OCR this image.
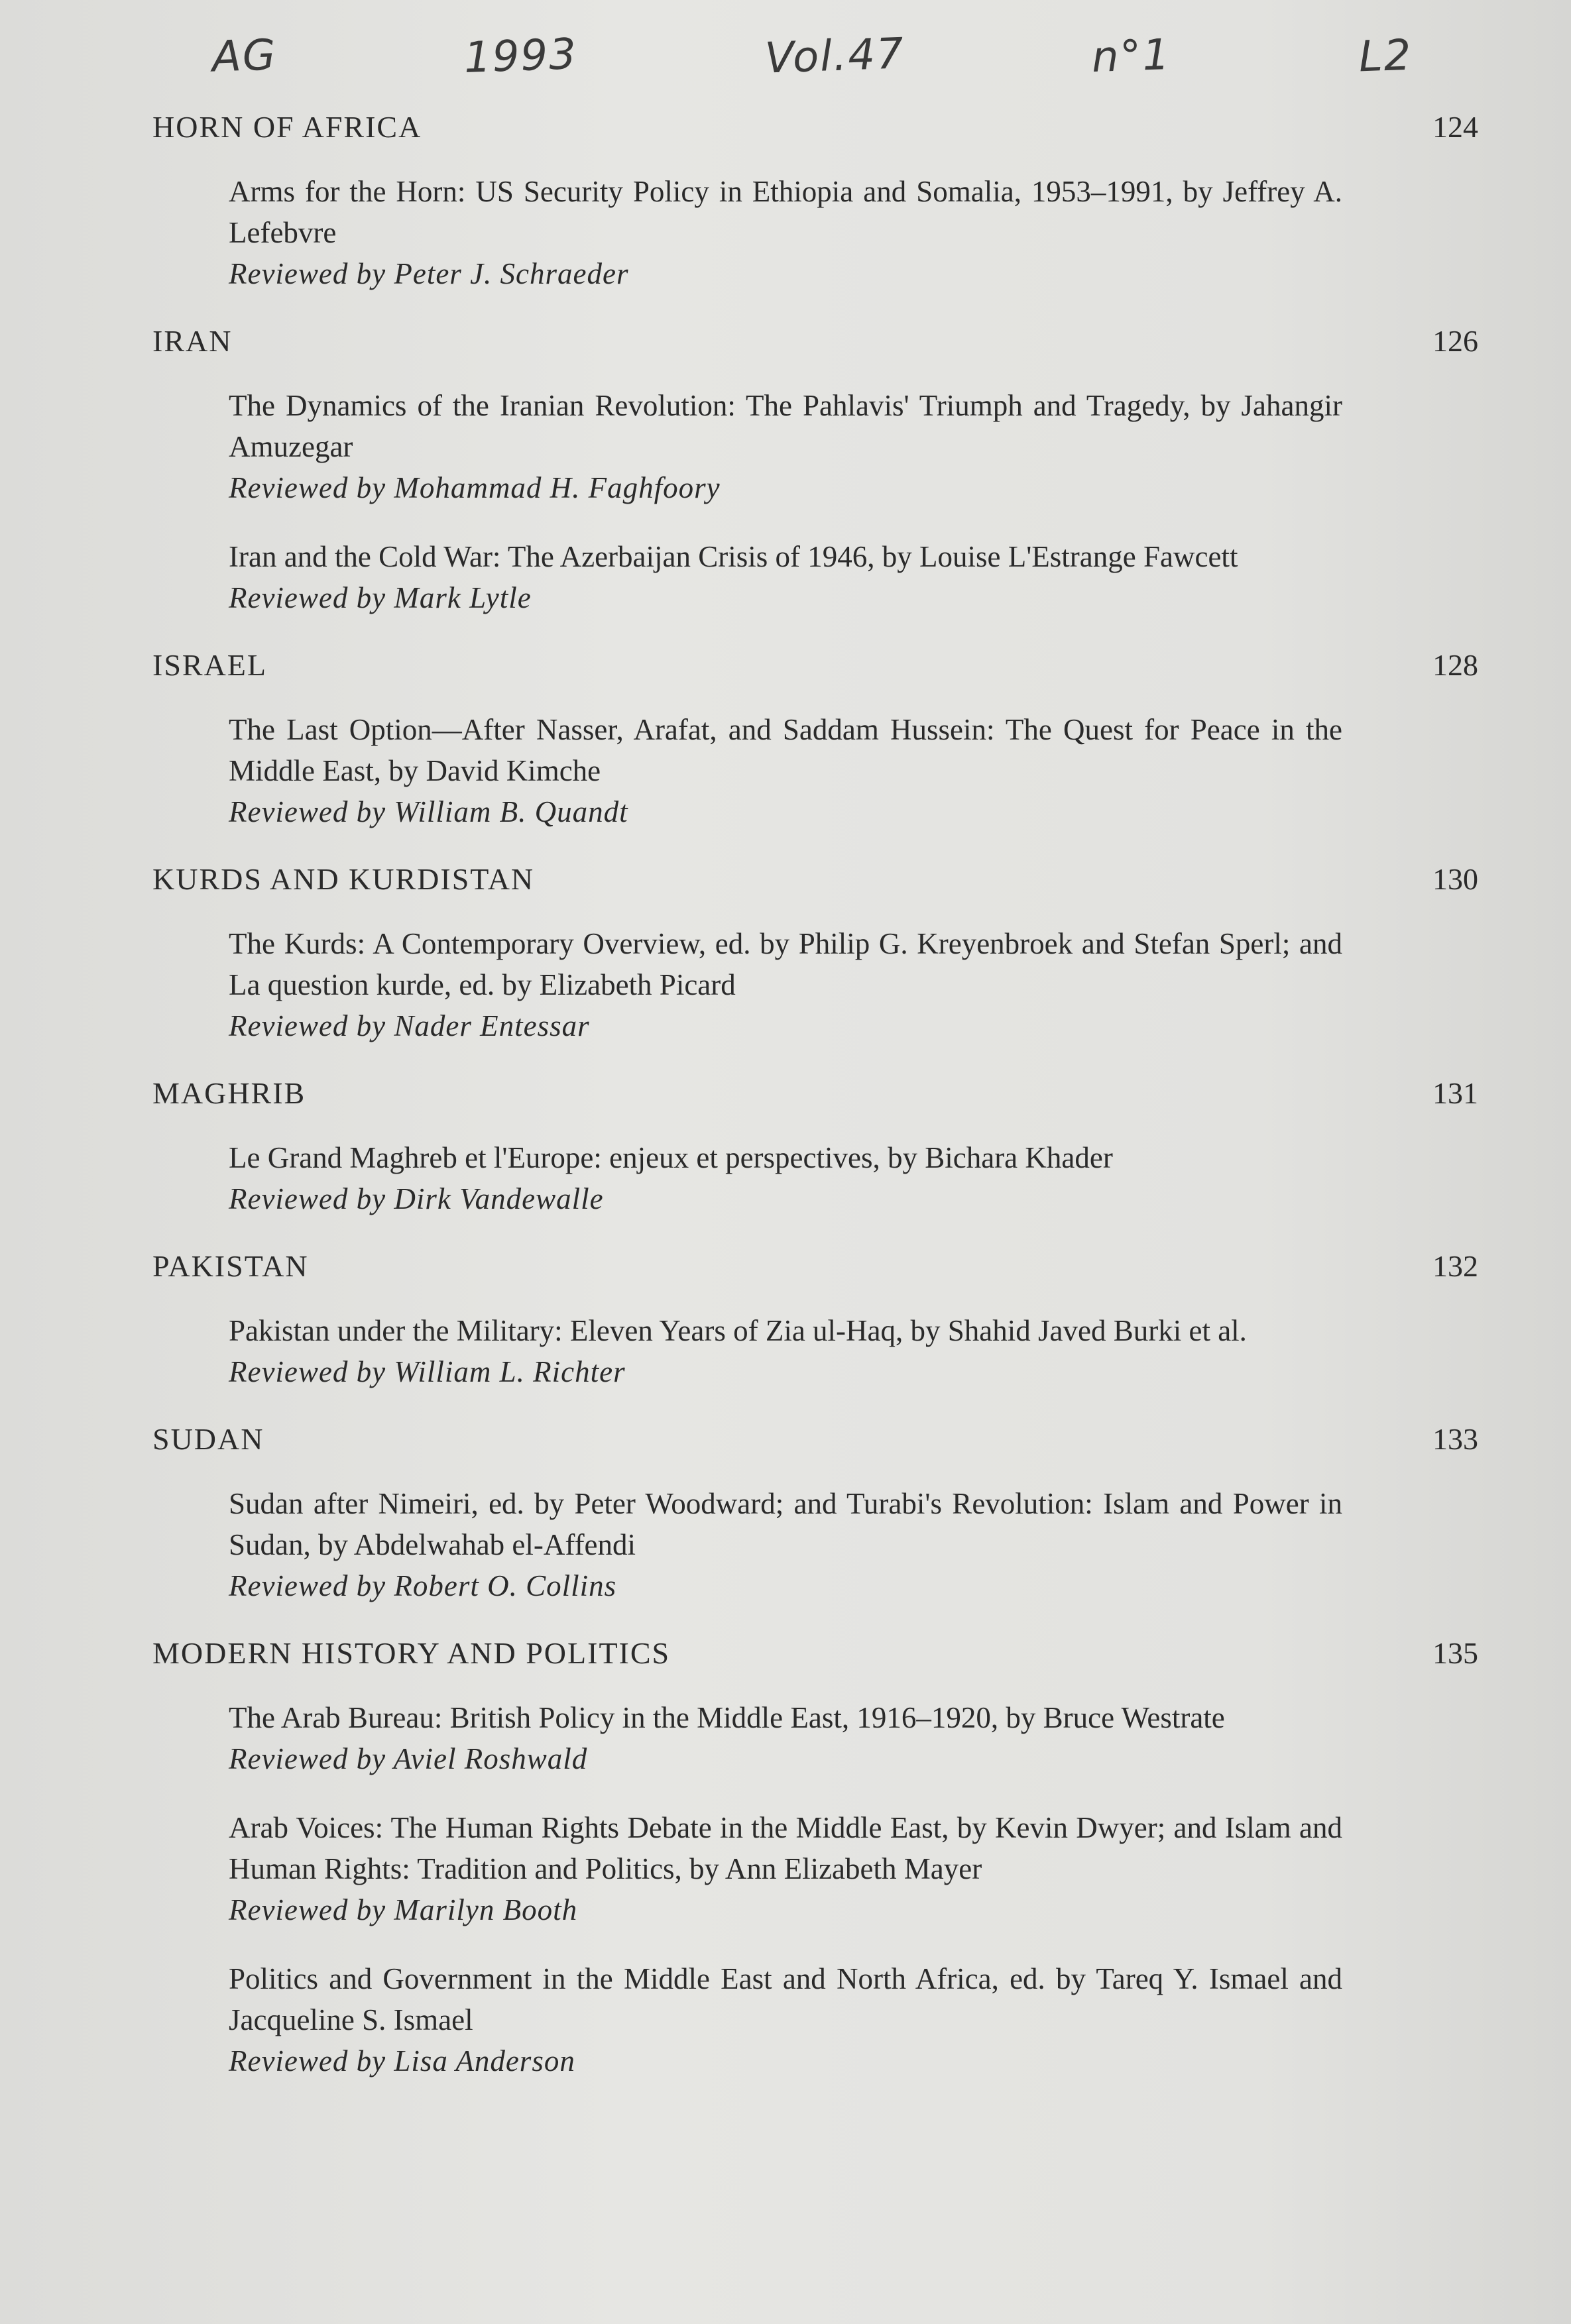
AG	1993	Vol.47	n°1	L2
HORN OF AFRICA	124
Arms for the Horn: US Security Policy in Ethiopia and Somalia, 1953–1991, by Jeffrey A. Lefebvre
Reviewed by Peter J. Schraeder
IRAN	126
The Dynamics of the Iranian Revolution: The Pahlavis' Triumph and Tragedy, by Jahangir Amuzegar
Reviewed by Mohammad H. Faghfoory
Iran and the Cold War: The Azerbaijan Crisis of 1946, by Louise L'Estrange Fawcett
Reviewed by Mark Lytle
ISRAEL	128
The Last Option—After Nasser, Arafat, and Saddam Hussein: The Quest for Peace in the Middle East, by David Kimche
Reviewed by William B. Quandt
KURDS AND KURDISTAN	130
The Kurds: A Contemporary Overview, ed. by Philip G. Kreyenbroek and Stefan Sperl; and La question kurde, ed. by Elizabeth Picard
Reviewed by Nader Entessar
MAGHRIB	131
Le Grand Maghreb et l'Europe: enjeux et perspectives, by Bichara Khader
Reviewed by Dirk Vandewalle
PAKISTAN	132
Pakistan under the Military: Eleven Years of Zia ul-Haq, by Shahid Javed Burki et al.
Reviewed by William L. Richter
SUDAN	133
Sudan after Nimeiri, ed. by Peter Woodward; and Turabi's Revolution: Islam and Power in Sudan, by Abdelwahab el-Affendi
Reviewed by Robert O. Collins
MODERN HISTORY AND POLITICS	135
The Arab Bureau: British Policy in the Middle East, 1916–1920, by Bruce Westrate
Reviewed by Aviel Roshwald
Arab Voices: The Human Rights Debate in the Middle East, by Kevin Dwyer; and Islam and Human Rights: Tradition and Politics, by Ann Elizabeth Mayer
Reviewed by Marilyn Booth
Politics and Government in the Middle East and North Africa, ed. by Tareq Y. Ismael and Jacqueline S. Ismael
Reviewed by Lisa Anderson
